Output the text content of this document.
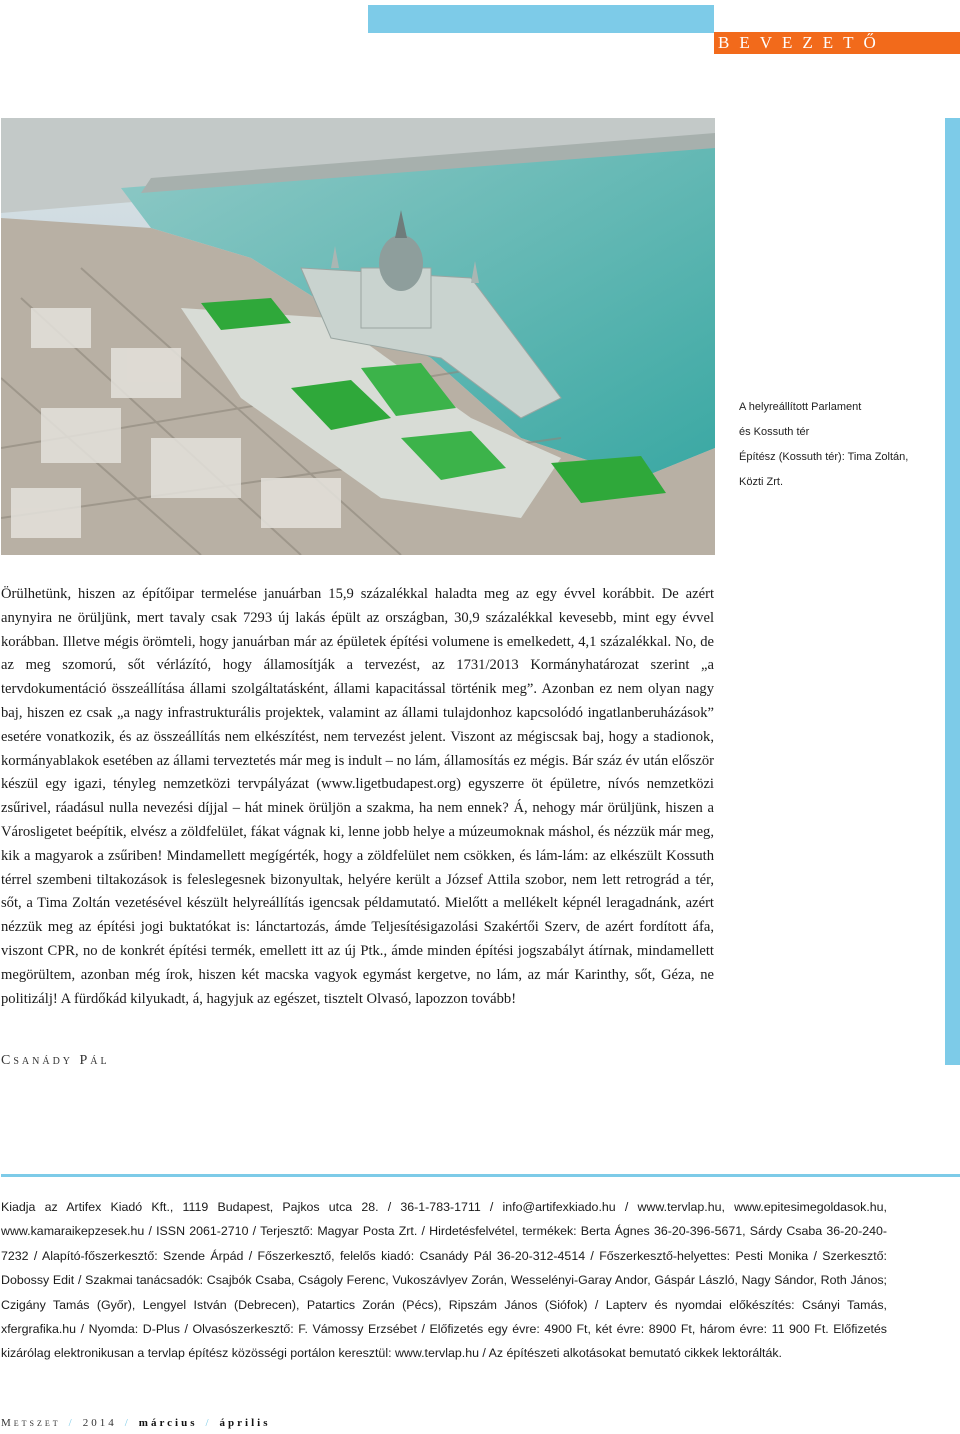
BEVEZETŐ
A helyreállított Parlament
és Kossuth tér
Építész (Kossuth tér): Tima Zoltán,
Közti Zrt.
Örülhetünk, hiszen az építőipar termelése januárban 15,9 százalékkal haladta meg az egy évvel korábbit. De azért anynyira ne örüljünk, mert tavaly csak 7293 új lakás épült az országban, 30,9 százalékkal kevesebb, mint egy évvel korábban. Illetve mégis örömteli, hogy januárban már az épületek építési volumene is emelkedett, 4,1 százalékkal. No, de az meg szomorú, sőt vérlázító, hogy államosítják a tervezést, az 1731/2013 Kormányhatározat szerint „a tervdokumentáció összeállítása állami szolgáltatásként, állami kapacitással történik meg”. Azonban ez nem olyan nagy baj, hiszen ez csak „a nagy infrastrukturális projektek, valamint az állami tulajdonhoz kapcsolódó ingatlanberuházások” esetére vonatkozik, és az összeállítás nem elkészítést, nem tervezést jelent. Viszont az mégiscsak baj, hogy a stadionok, kormányablakok esetében az állami terveztetés már meg is indult – no lám, államosítás ez mégis. Bár száz év után először készül egy igazi, tényleg nemzetközi tervpályázat (www.ligetbudapest.org) egyszerre öt épületre, nívós nemzetközi zsűrivel, ráadásul nulla nevezési díjjal – hát minek örüljön a szakma, ha nem ennek? Á, nehogy már örüljünk, hiszen a Városligetet beépítik, elvész a zöldfelület, fákat vágnak ki, lenne jobb helye a múzeumoknak máshol, és nézzük már meg, kik a magyarok a zsűriben! Mindamellett megígérték, hogy a zöldfelület nem csökken, és lám-lám: az elkészült Kossuth térrel szembeni tiltakozások is feleslegesnek bizonyultak, helyére került a József Attila szobor, nem lett retrográd a tér, sőt, a Tima Zoltán vezetésével készült helyreállítás igencsak példamutató. Mielőtt a mellékelt képnél leragadnánk, azért nézzük meg az építési jogi buktatókat is: lánctartozás, ámde Teljesítésigazolási Szakértői Szerv, de azért fordított áfa, viszont CPR, no de konkrét építési termék, emellett itt az új Ptk., ámde minden építési jogszabályt átírnak, mindamellett megörültem, azonban még írok, hiszen két macska vagyok egymást kergetve, no lám, az már Karinthy, sőt, Géza, ne politizálj! A fürdőkád kilyukadt, á, hagyjuk az egészet, tisztelt Olvasó, lapozzon tovább!
Csanády Pál
Kiadja az Artifex Kiadó Kft., 1119 Budapest, Pajkos utca 28. / 36-1-783-1711 / info@artifexkiado.hu / www.tervlap.hu, www.epitesimegoldasok.hu, www.kamaraikepzesek.hu / ISSN 2061-2710 / Terjesztő: Magyar Posta Zrt. / Hirdetésfelvétel, termékek: Berta Ágnes 36-20-396-5671, Sárdy Csaba 36-20-240-7232 / Alapító-főszerkesztő: Szende Árpád / Főszerkesztő, felelős kiadó: Csanády Pál 36-20-312-4514 / Főszerkesztő-helyettes: Pesti Monika / Szerkesztő: Dobossy Edit / Szakmai tanácsadók: Csajbók Csaba, Cságoly Ferenc, Vukoszávlyev Zorán, Wesselényi-Garay Andor, Gáspár László, Nagy Sándor, Roth János; Czigány Tamás (Győr), Lengyel István (Debrecen), Patartics Zorán (Pécs), Ripszám János (Siófok) / Lapterv és nyomdai előkészítés: Csányi Tamás, xfergrafika.hu / Nyomda: D-Plus / Olvasószerkesztő: F. Vámossy Erzsébet / Előfizetés egy évre: 4900 Ft, két évre: 8900 Ft, három évre: 11 900 Ft. Előfizetés kizárólag elektronikusan a tervlap építész közösségi portálon keresztül: www.tervlap.hu / Az építészeti alkotásokat bemutató cikkek lektorálták.
Metszet / 2014 / március / április
